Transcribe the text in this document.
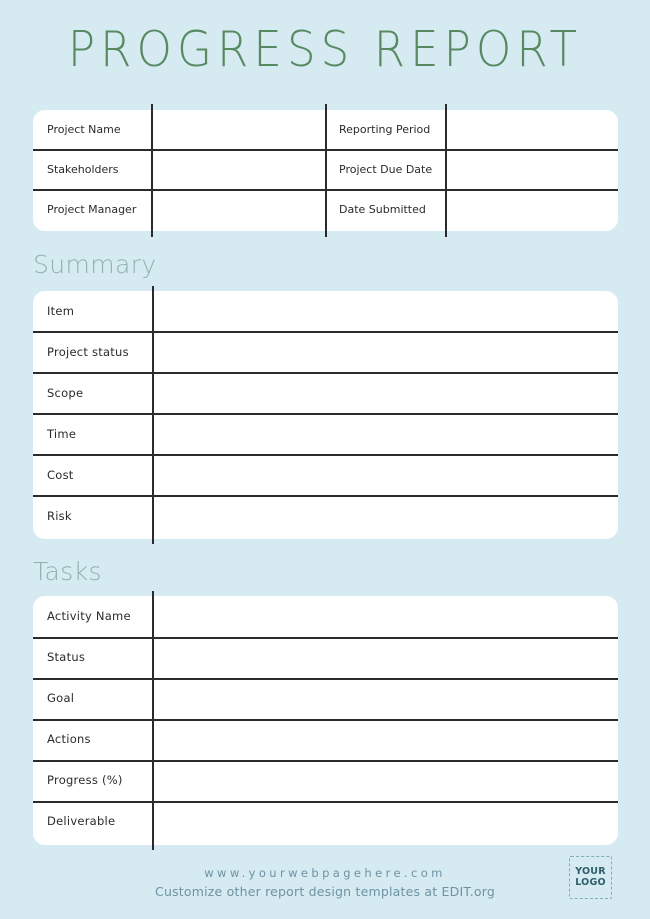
PROGRESS REPORT
Project Name
Stakeholders
Project Manager
Reporting Period
Project Due Date
Date Submitted
Summary
Item
Project status
Scope
Time
Cost
Risk
Tasks
Activity Name
Status
Goal
Actions
Progress (%)
Deliverable
www.yourwebpagehere.com
Customize other report design templates at EDIT.org
YOUR
LOGO
